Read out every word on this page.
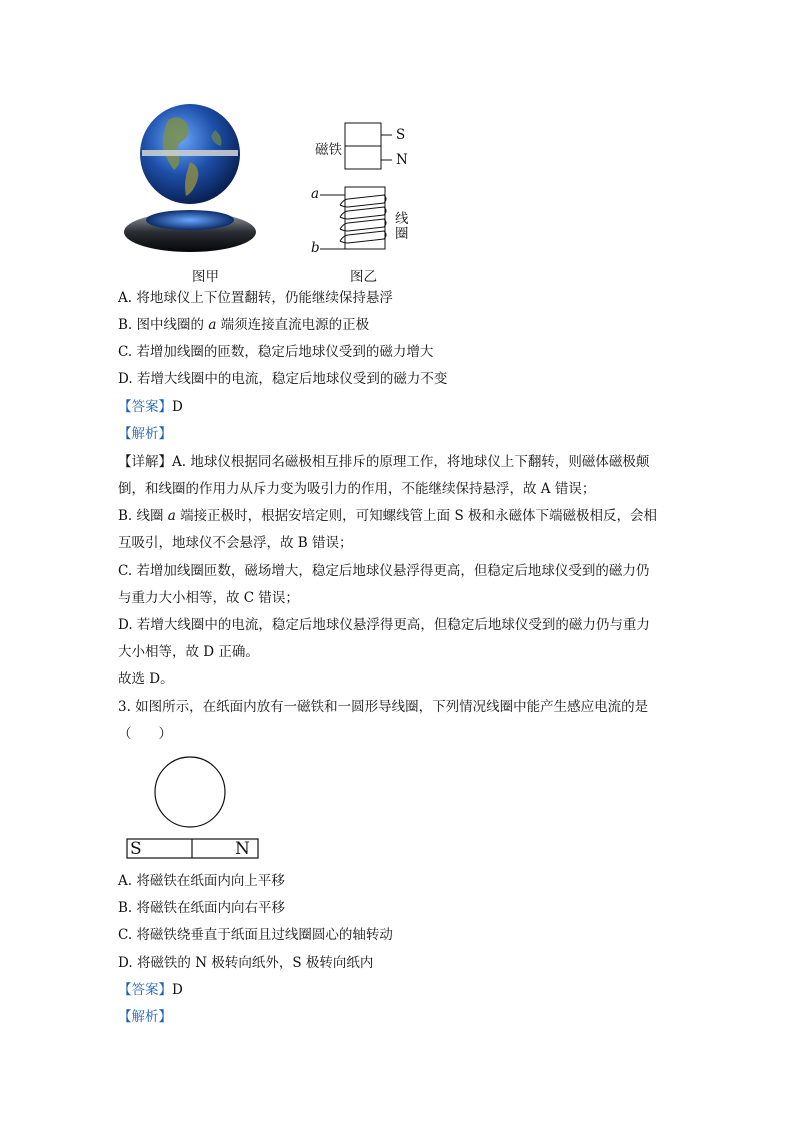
图甲
磁铁
S
N
a
b
线
圈
图乙
A. 将地球仪上下位置翻转，仍能继续保持悬浮
B. 图中线圈的 a 端须连接直流电源的正极
C. 若增加线圈的匝数，稳定后地球仪受到的磁力增大
D. 若增大线圈中的电流，稳定后地球仪受到的磁力不变
【答案】D
【解析】
【详解】A. 地球仪根据同名磁极相互排斥的原理工作，将地球仪上下翻转，则磁体磁极颠
倒，和线圈的作用力从斥力变为吸引力的作用，不能继续保持悬浮，故 A 错误；
B. 线圈 a 端接正极时，根据安培定则，可知螺线管上面 S 极和永磁体下端磁极相反，会相
互吸引，地球仪不会悬浮，故 B 错误；
C. 若增加线圈匝数，磁场增大，稳定后地球仪悬浮得更高，但稳定后地球仪受到的磁力仍
与重力大小相等，故 C 错误；
D. 若增大线圈中的电流，稳定后地球仪悬浮得更高，但稳定后地球仪受到的磁力仍与重力
大小相等，故 D 正确。
故选 D。
3. 如图所示，在纸面内放有一磁铁和一圆形导线圈，下列情况线圈中能产生感应电流的是
（　　）
S	N
A. 将磁铁在纸面内向上平移
B. 将磁铁在纸面内向右平移
C. 将磁铁绕垂直于纸面且过线圈圆心的轴转动
D. 将磁铁的 N 极转向纸外，S 极转向纸内
【答案】D
【解析】
